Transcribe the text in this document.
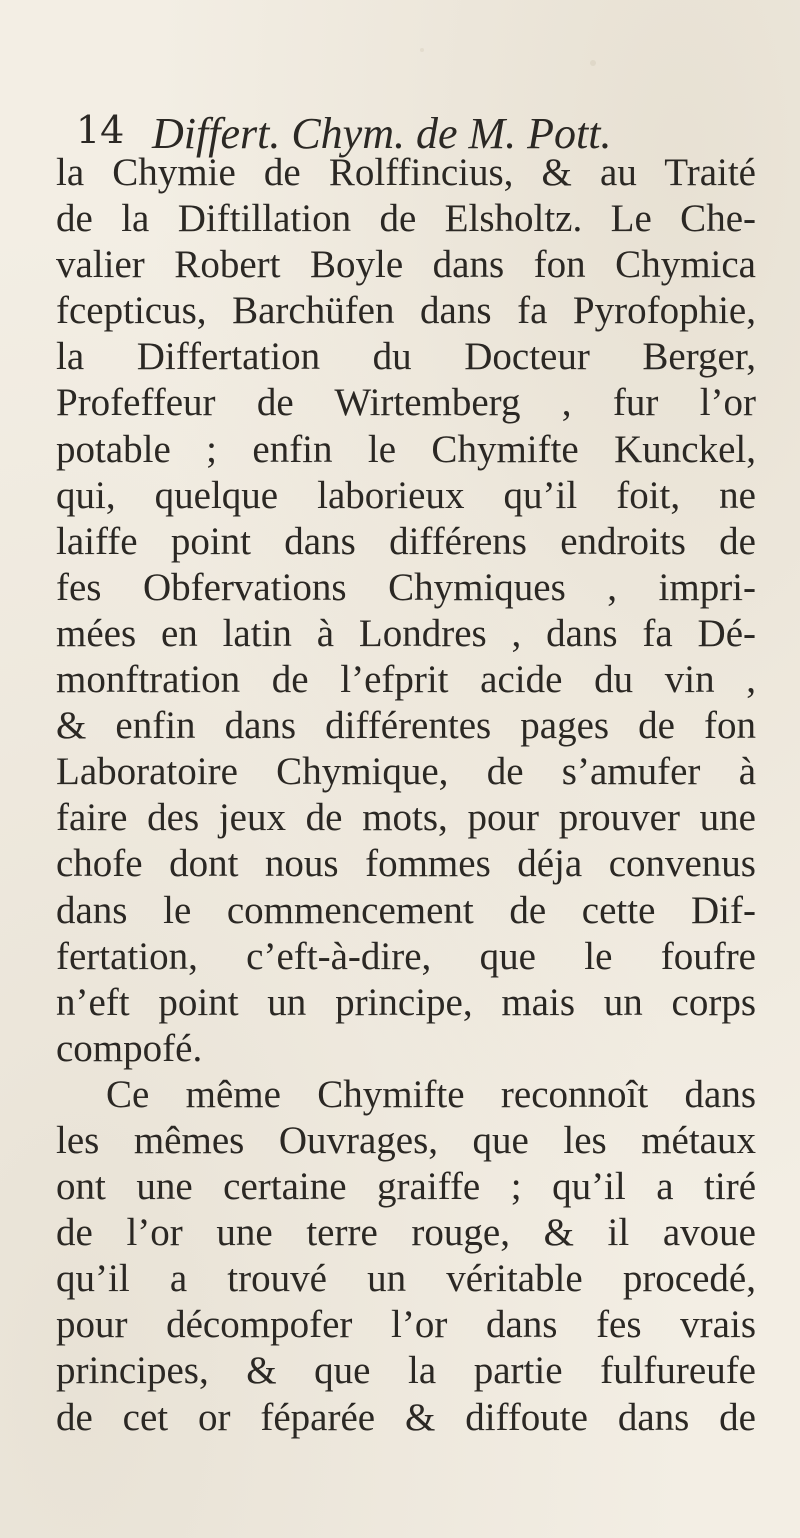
14 Differt. Chym. de M. Pott.
la Chymie de Rolffincius, & au Traité
de la Diftillation de Elsholtz. Le Che-
valier Robert Boyle dans fon Chymica
fcepticus, Barchüfen dans fa Pyrofophie,
la Differtation du Docteur Berger,
Profeffeur de Wirtemberg , fur l’or
potable ; enfin le Chymifte Kunckel,
qui, quelque laborieux qu’il foit, ne
laiffe point dans différens endroits de
fes Obfervations Chymiques , impri-
mées en latin à Londres , dans fa Dé-
monftration de l’efprit acide du vin ,
& enfin dans différentes pages de fon
Laboratoire Chymique, de s’amufer à
faire des jeux de mots, pour prouver une
chofe dont nous fommes déja convenus
dans le commencement de cette Dif-
fertation, c’eft-à-dire, que le foufre
n’eft point un principe, mais un corps
compofé.
Ce même Chymifte reconnoît dans
les mêmes Ouvrages, que les métaux
ont une certaine graiffe ; qu’il a tiré
de l’or une terre rouge, & il avoue
qu’il a trouvé un véritable procedé,
pour décompofer l’or dans fes vrais
principes, & que la partie fulfureufe
de cet or féparée & diffoute dans de
